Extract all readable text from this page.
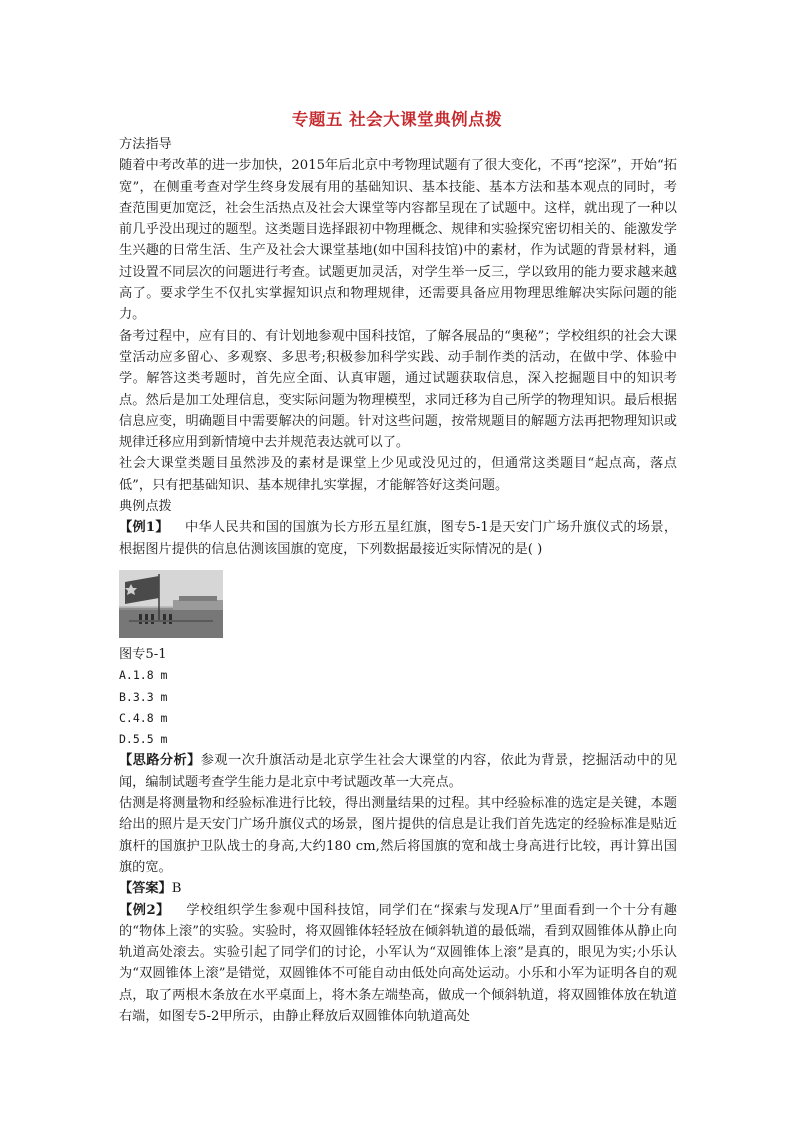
专题五 社会大课堂典例点拨

方法指导

随着中考改革的进一步加快，2015年后北京中考物理试题有了很大变化，不再“挖深”，开始“拓宽”，在侧重考查对学生终身发展有用的基础知识、基本技能、基本方法和基本观点的同时，考查范围更加宽泛，社会生活热点及社会大课堂等内容都呈现在了试题中。这样，就出现了一种以前几乎没出现过的题型。这类题目选择跟初中物理概念、规律和实验探究密切相关的、能激发学生兴趣的日常生活、生产及社会大课堂基地(如中国科技馆)中的素材，作为试题的背景材料，通过设置不同层次的问题进行考查。试题更加灵活，对学生举一反三，学以致用的能力要求越来越高了。要求学生不仅扎实掌握知识点和物理规律，还需要具备应用物理思维解决实际问题的能力。

备考过程中，应有目的、有计划地参观中国科技馆，了解各展品的“奥秘”；学校组织的社会大课堂活动应多留心、多观察、多思考;积极参加科学实践、动手制作类的活动，在做中学、体验中学。解答这类考题时，首先应全面、认真审题，通过试题获取信息，深入挖掘题目中的知识考点。然后是加工处理信息，变实际问题为物理模型，求同迁移为自己所学的物理知识。最后根据信息应变，明确题目中需要解决的问题。针对这些问题，按常规题目的解题方法再把物理知识或规律迁移应用到新情境中去并规范表达就可以了。

社会大课堂类题目虽然涉及的素材是课堂上少见或没见过的，但通常这类题目“起点高，落点低”，只有把基础知识、基本规律扎实掌握，才能解答好这类问题。

典例点拨

【例1】 中华人民共和国的国旗为长方形五星红旗，图专5-1是天安门广场升旗仪式的场景，根据图片提供的信息估测该国旗的宽度，下列数据最接近实际情况的是( )

图专5-1

A.1.8 m

B.3.3 m

C.4.8 m

D.5.5 m

【思路分析】参观一次升旗活动是北京学生社会大课堂的内容，依此为背景，挖掘活动中的见闻，编制试题考查学生能力是北京中考试题改革一大亮点。

估测是将测量物和经验标准进行比较，得出测量结果的过程。其中经验标准的选定是关键，本题给出的照片是天安门广场升旗仪式的场景，图片提供的信息是让我们首先选定的经验标准是贴近旗杆的国旗护卫队战士的身高,大约180 cm,然后将国旗的宽和战士身高进行比较，再计算出国旗的宽。

【答案】B

【例2】 学校组织学生参观中国科技馆，同学们在“探索与发现A厅”里面看到一个十分有趣的“物体上滚”的实验。实验时，将双圆锥体轻轻放在倾斜轨道的最低端，看到双圆锥体从静止向轨道高处滚去。实验引起了同学们的讨论，小军认为“双圆锥体上滚”是真的，眼见为实;小乐认为“双圆锥体上滚”是错觉，双圆锥体不可能自动由低处向高处运动。小乐和小军为证明各自的观点，取了两根木条放在水平桌面上，将木条左端垫高，做成一个倾斜轨道，将双圆锥体放在轨道右端，如图专5-2甲所示，由静止释放后双圆锥体向轨道高处
